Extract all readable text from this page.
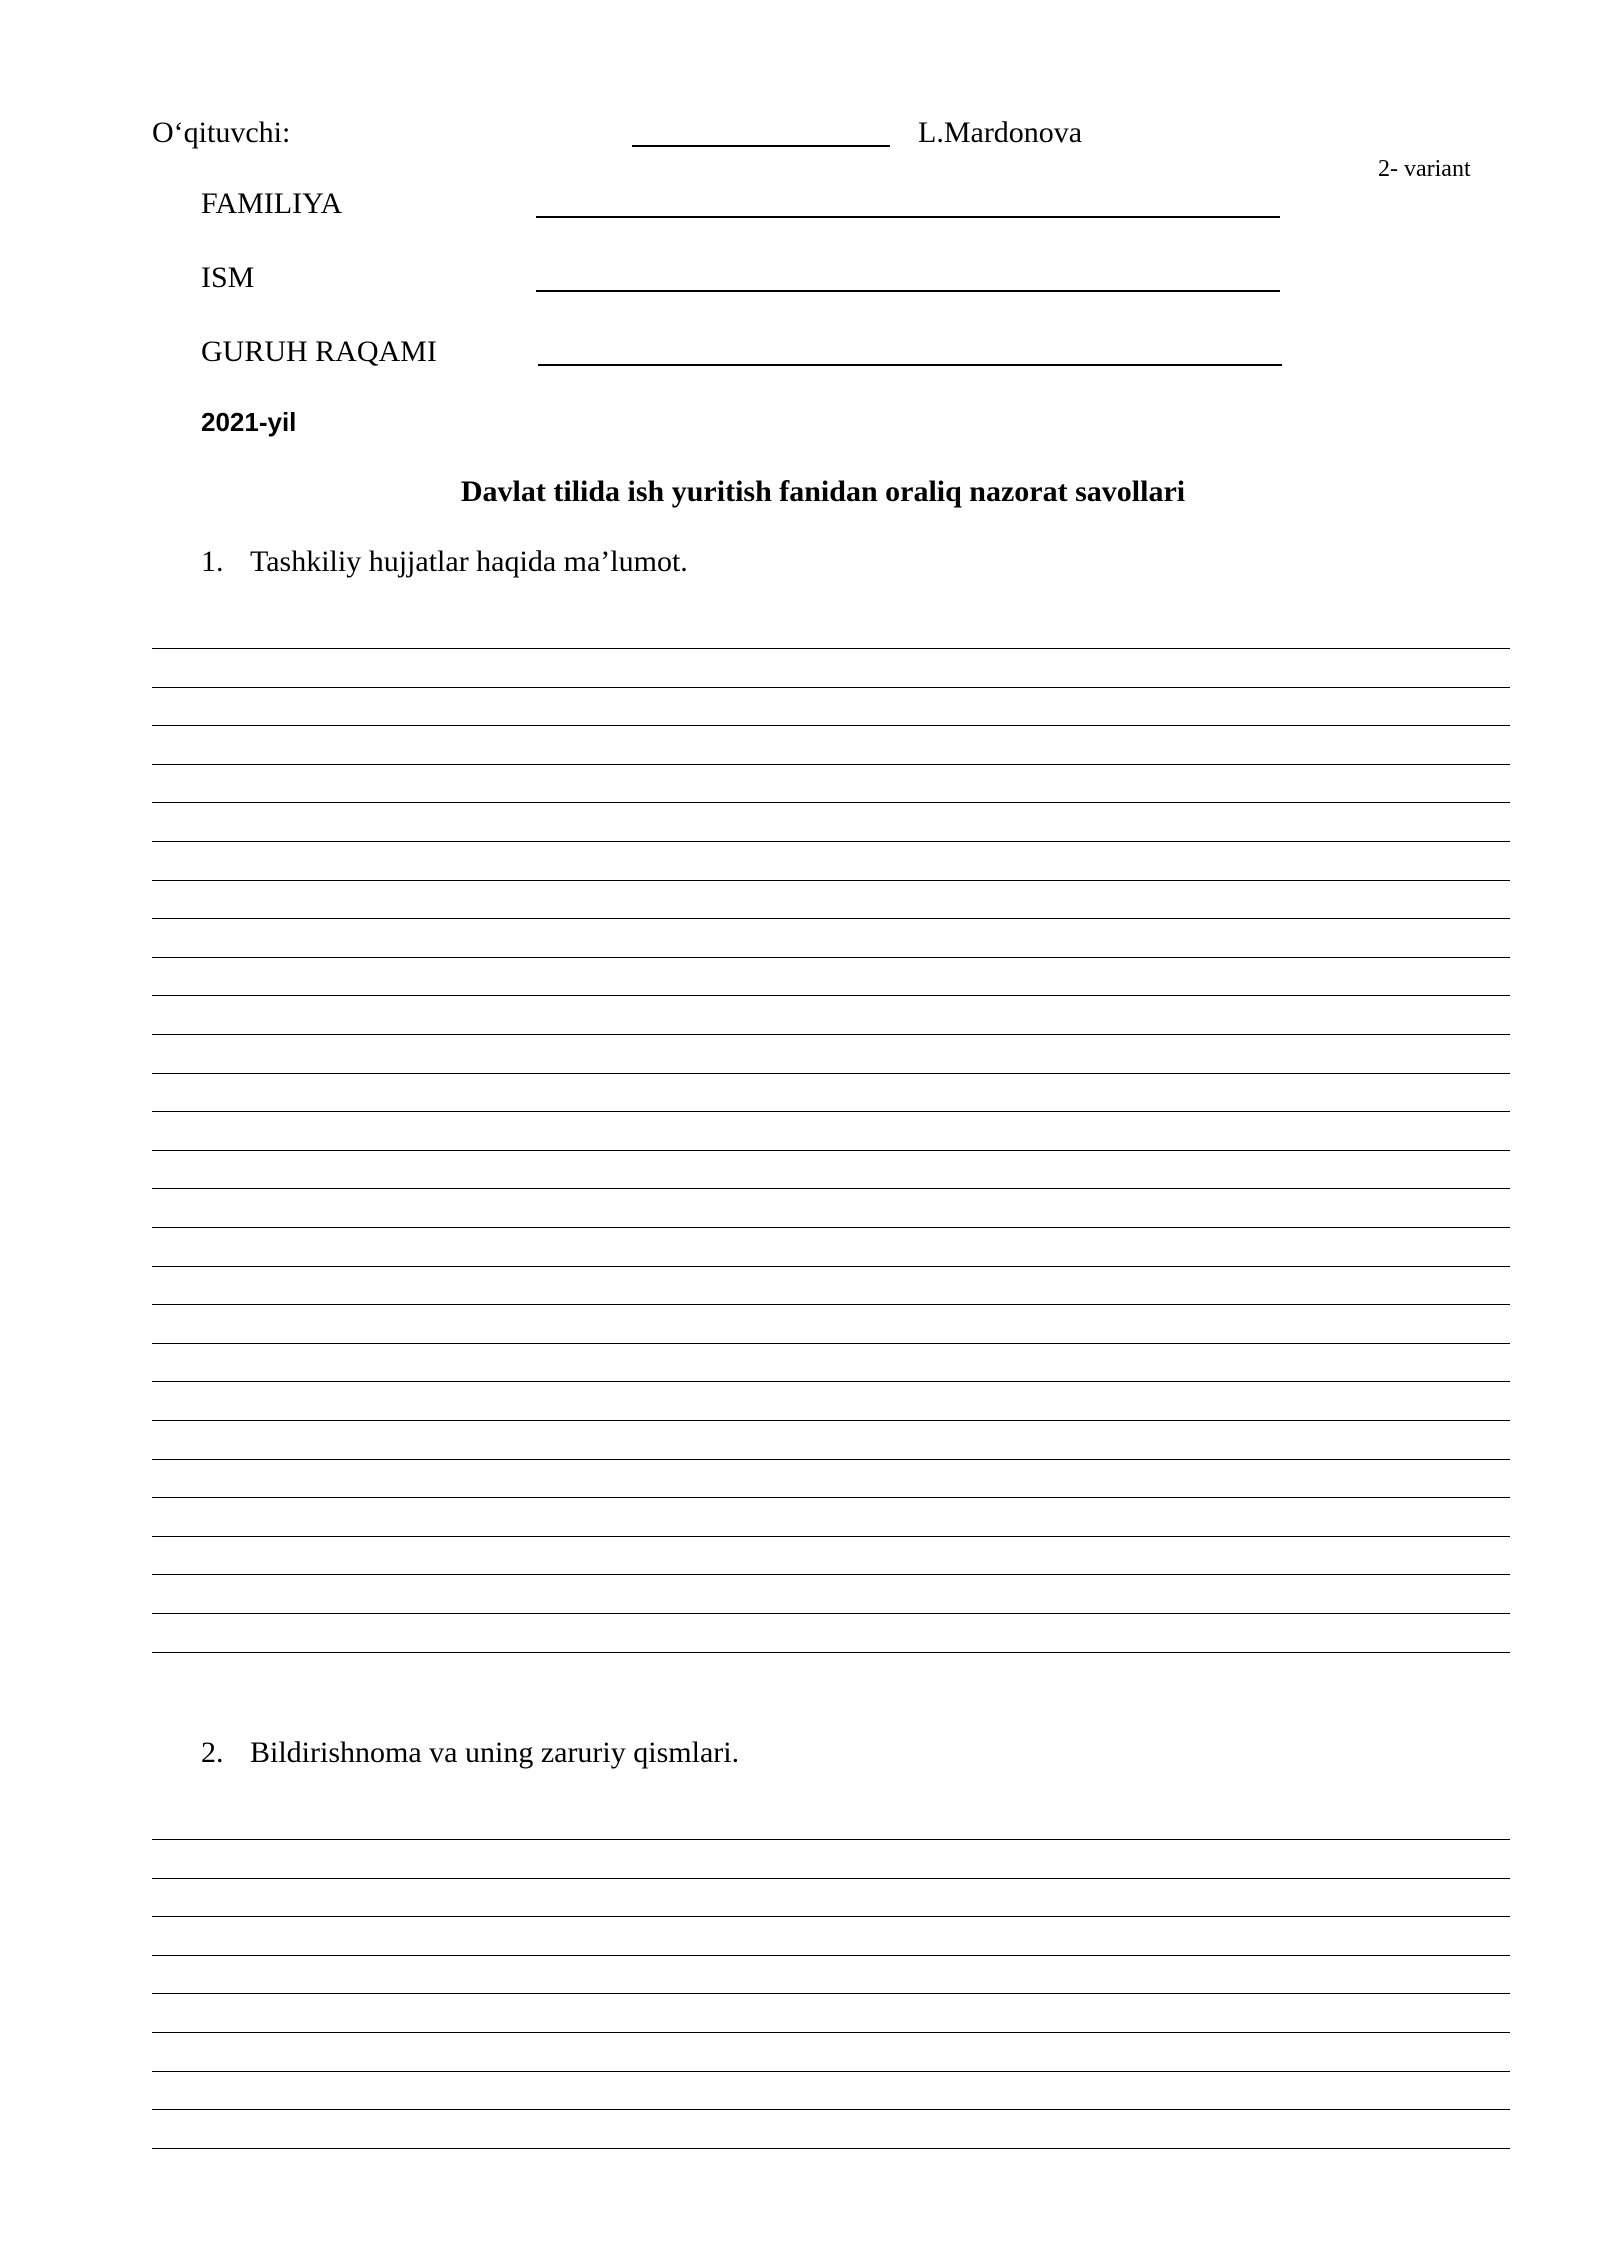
O‘qituvchi:	L.Mardonova
2- variant
FAMILIYA
ISM
GURUH RAQAMI
2021-yil
Davlat tilida ish yuritish fanidan oraliq nazorat savollari
1. Tashkiliy hujjatlar haqida ma’lumot.
2. Bildirishnoma va uning zaruriy qismlari.
